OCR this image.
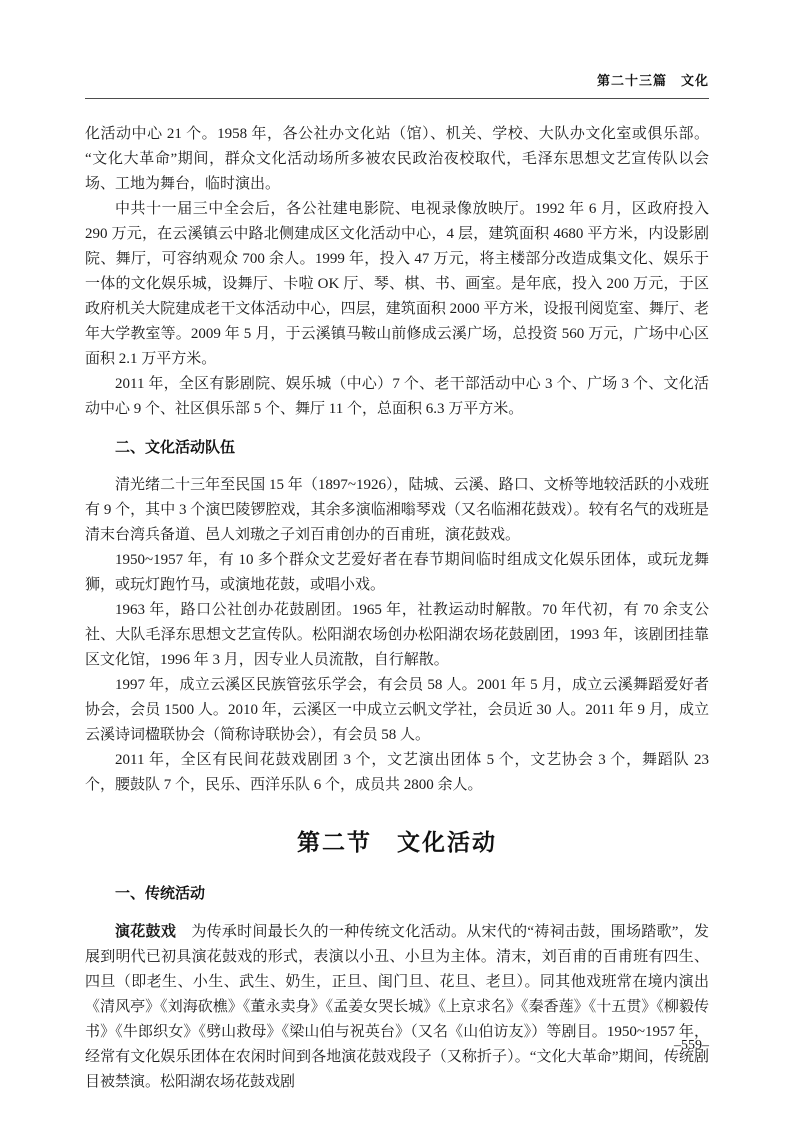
第二十三篇　文化

化活动中心 21 个。1958 年，各公社办文化站（馆）、机关、学校、大队办文化室或俱乐部。“文化大革命”期间，群众文化活动场所多被农民政治夜校取代，毛泽东思想文艺宣传队以会场、工地为舞台，临时演出。

中共十一届三中全会后，各公社建电影院、电视录像放映厅。1992 年 6 月，区政府投入 290 万元，在云溪镇云中路北侧建成区文化活动中心，4 层，建筑面积 4680 平方米，内设影剧院、舞厅，可容纳观众 700 余人。1999 年，投入 47 万元，将主楼部分改造成集文化、娱乐于一体的文化娱乐城，设舞厅、卡啦 OK 厅、琴、棋、书、画室。是年底，投入 200 万元，于区政府机关大院建成老干文体活动中心，四层，建筑面积 2000 平方米，设报刊阅览室、舞厅、老年大学教室等。2009 年 5 月，于云溪镇马鞍山前修成云溪广场，总投资 560 万元，广场中心区面积 2.1 万平方米。

2011 年，全区有影剧院、娱乐城（中心）7 个、老干部活动中心 3 个、广场 3 个、文化活动中心 9 个、社区俱乐部 5 个、舞厅 11 个，总面积 6.3 万平方米。

二、文化活动队伍

清光绪二十三年至民国 15 年（1897~1926），陆城、云溪、路口、文桥等地较活跃的小戏班有 9 个，其中 3 个演巴陵锣腔戏，其余多演临湘嗡琴戏（又名临湘花鼓戏）。较有名气的戏班是清末台湾兵备道、邑人刘璈之子刘百甫创办的百甫班，演花鼓戏。

1950~1957 年，有 10 多个群众文艺爱好者在春节期间临时组成文化娱乐团体，或玩龙舞狮，或玩灯跑竹马，或演地花鼓，或唱小戏。

1963 年，路口公社创办花鼓剧团。1965 年，社教运动时解散。70 年代初，有 70 余支公社、大队毛泽东思想文艺宣传队。松阳湖农场创办松阳湖农场花鼓剧团，1993 年，该剧团挂靠区文化馆，1996 年 3 月，因专业人员流散，自行解散。

1997 年，成立云溪区民族管弦乐学会，有会员 58 人。2001 年 5 月，成立云溪舞蹈爱好者协会，会员 1500 人。2010 年，云溪区一中成立云帆文学社，会员近 30 人。2011 年 9 月，成立云溪诗词楹联协会（简称诗联协会），有会员 58 人。

2011 年，全区有民间花鼓戏剧团 3 个，文艺演出团体 5 个，文艺协会 3 个，舞蹈队 23 个，腰鼓队 7 个，民乐、西洋乐队 6 个，成员共 2800 余人。

第二节　文化活动
一、传统活动

演花鼓戏　为传承时间最长久的一种传统文化活动。从宋代的“祷祠击鼓，围场踏歌”，发展到明代已初具演花鼓戏的形式，表演以小丑、小旦为主体。清末，刘百甫的百甫班有四生、四旦（即老生、小生、武生、奶生，正旦、闺门旦、花旦、老旦）。同其他戏班常在境内演出《清风亭》《刘海砍樵》《董永卖身》《孟姜女哭长城》《上京求名》《秦香莲》《十五贯》《柳毅传书》《牛郎织女》《劈山救母》《梁山伯与祝英台》（又名《山伯访友》）等剧目。1950~1957 年，经常有文化娱乐团体在农闲时间到各地演花鼓戏段子（又称折子）。“文化大革命”期间，传统剧目被禁演。松阳湖农场花鼓戏剧

–559–
